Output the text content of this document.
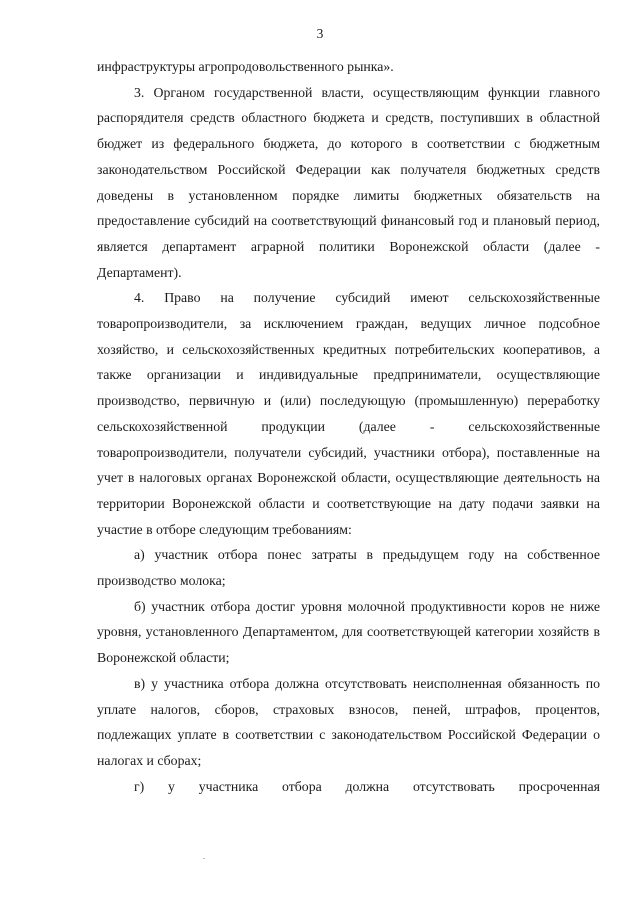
3

инфраструктуры агропродовольственного рынка».

3. Органом государственной власти, осуществляющим функции главного распорядителя средств областного бюджета и средств, поступивших в областной бюджет из федерального бюджета, до которого в соответствии с бюджетным законодательством Российской Федерации как получателя бюджетных средств доведены в установленном порядке лимиты бюджетных обязательств на предоставление субсидий на соответствующий финансовый год и плановый период, является департамент аграрной политики Воронежской области (далее - Департамент).

4. Право на получение субсидий имеют сельскохозяйственные товаропроизводители, за исключением граждан, ведущих личное подсобное хозяйство, и сельскохозяйственных кредитных потребительских кооперативов, а также организации и индивидуальные предприниматели, осуществляющие производство, первичную и (или) последующую (промышленную) переработку сельскохозяйственной продукции (далее - сельскохозяйственные товаропроизводители, получатели субсидий, участники отбора), поставленные на учет в налоговых органах Воронежской области, осуществляющие деятельность на территории Воронежской области и соответствующие на дату подачи заявки на участие в отборе следующим требованиям:

а) участник отбора понес затраты в предыдущем году на собственное производство молока;

б) участник отбора достиг уровня молочной продуктивности коров не ниже уровня, установленного Департаментом, для соответствующей категории хозяйств в Воронежской области;

в) у участника отбора должна отсутствовать неисполненная обязанность по уплате налогов, сборов, страховых взносов, пеней, штрафов, процентов, подлежащих уплате в соответствии с законодательством Российской Федерации о налогах и сборах;

г) у участника отбора должна отсутствовать просроченная
